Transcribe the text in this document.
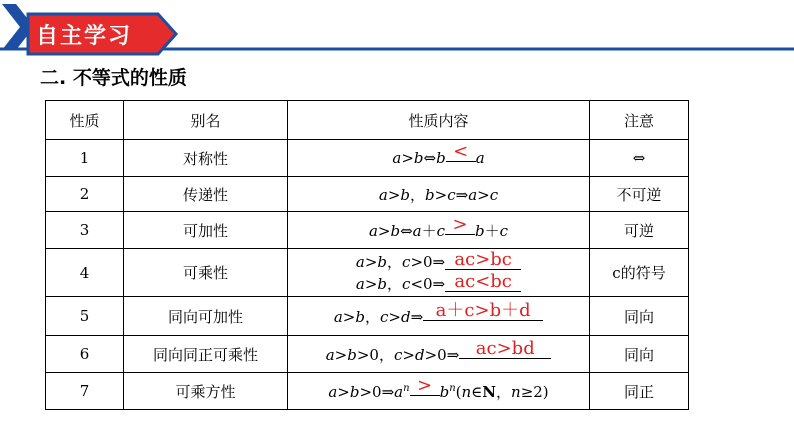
自主学习
二. 不等式的性质
性质	别名	性质内容	注意
1	对称性	a>b⇔b < a	⇔
2	传递性	a>b，b>c⇒a>c	不可逆
3	可加性	a>b⇔a＋c > b＋c	可逆
4	可乘性	a>b，c>0⇒ ac>bc
a>b，c<0⇒ ac<bc	c的符号
5	同向可加性	a>b，c>d⇒ a＋c>b＋d	同向
6	同向同正可乘性	a>b>0，c>d>0⇒ ac>bd	同向
7	可乘方性	$a>b>0\Rightarrow a^n$ > $b^n(n\in N$，n≥2)	同正
